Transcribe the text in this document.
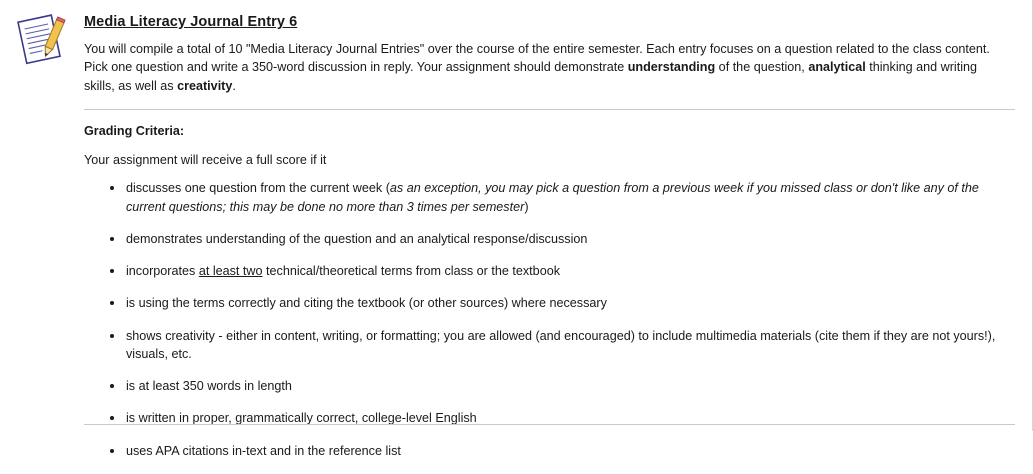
Media Literacy Journal Entry 6

You will compile a total of 10 "Media Literacy Journal Entries" over the course of the entire semester. Each entry focuses on a question related to the class content. Pick one question and write a 350-word discussion in reply. Your assignment should demonstrate understanding of the question, analytical thinking and writing skills, as well as creativity.

Grading Criteria:

Your assignment will receive a full score if it

discusses one question from the current week (as an exception, you may pick a question from a previous week if you missed class or don't like any of the current questions; this may be done no more than 3 times per semester)
demonstrates understanding of the question and an analytical response/discussion
incorporates at least two technical/theoretical terms from class or the textbook
is using the terms correctly and citing the textbook (or other sources) where necessary
shows creativity - either in content, writing, or formatting; you are allowed (and encouraged) to include multimedia materials (cite them if they are not yours!), visuals, etc.
is at least 350 words in length
is written in proper, grammatically correct, college-level English
uses APA citations in-text and in the reference list
